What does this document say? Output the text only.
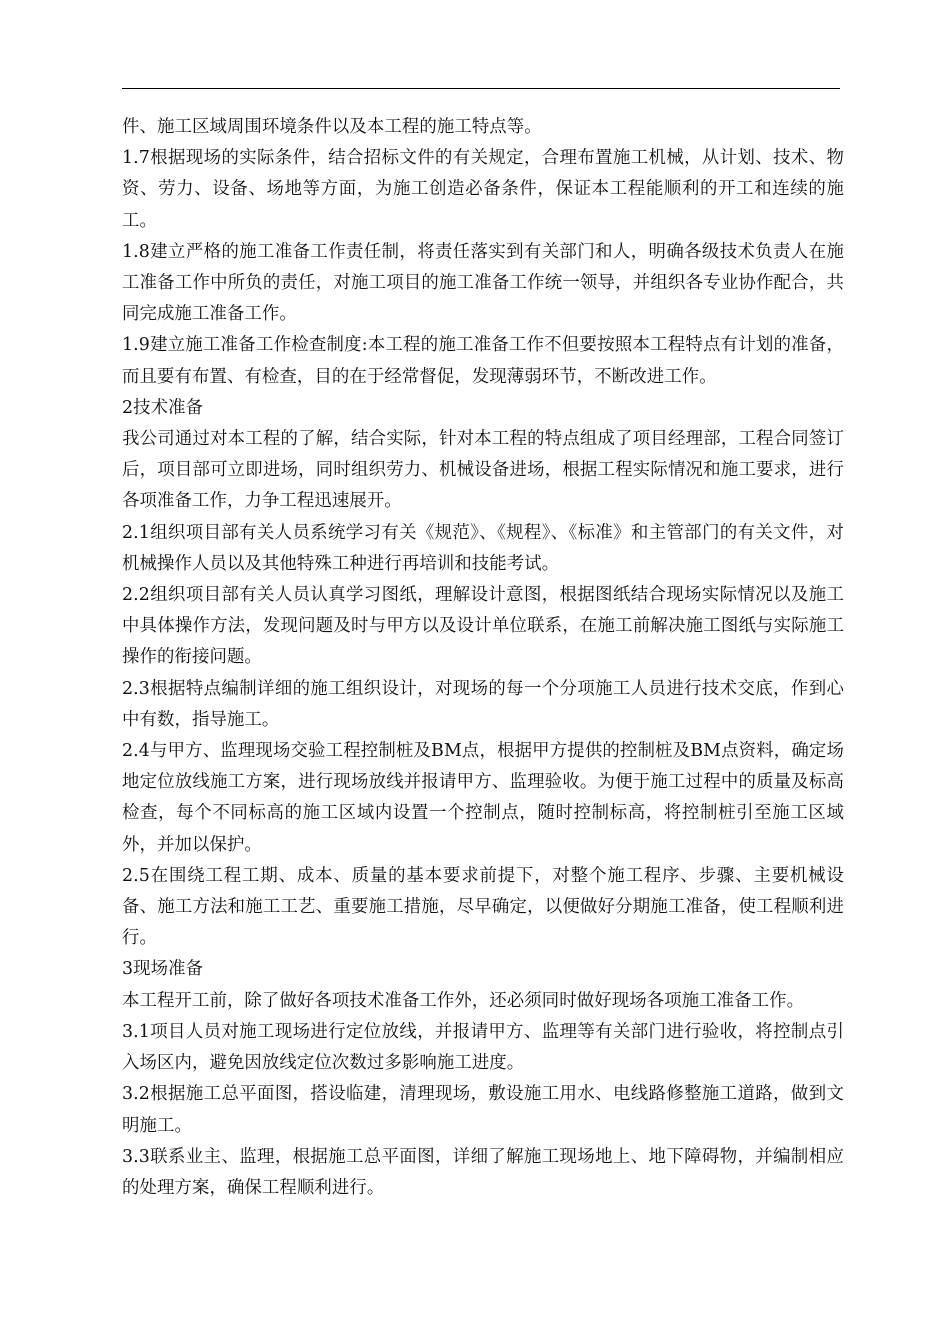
件、施工区域周围环境条件以及本工程的施工特点等。

1.7根据现场的实际条件，结合招标文件的有关规定，合理布置施工机械，从计划、技术、物资、劳力、设备、场地等方面，为施工创造必备条件，保证本工程能顺利的开工和连续的施工。

1.8建立严格的施工准备工作责任制，将责任落实到有关部门和人，明确各级技术负责人在施工准备工作中所负的责任，对施工项目的施工准备工作统一领导，并组织各专业协作配合，共同完成施工准备工作。

1.9建立施工准备工作检查制度:本工程的施工准备工作不但要按照本工程特点有计划的准备，而且要有布置、有检查，目的在于经常督促，发现薄弱环节，不断改进工作。

2技术准备

我公司通过对本工程的了解，结合实际，针对本工程的特点组成了项目经理部，工程合同签订后，项目部可立即进场，同时组织劳力、机械设备进场，根据工程实际情况和施工要求，进行各项准备工作，力争工程迅速展开。

2.1组织项目部有关人员系统学习有关《规范》、《规程》、《标准》和主管部门的有关文件，对机械操作人员以及其他特殊工种进行再培训和技能考试。

2.2组织项目部有关人员认真学习图纸，理解设计意图，根据图纸结合现场实际情况以及施工中具体操作方法，发现问题及时与甲方以及设计单位联系，在施工前解决施工图纸与实际施工操作的衔接问题。

2.3根据特点编制详细的施工组织设计，对现场的每一个分项施工人员进行技术交底，作到心中有数，指导施工。

2.4与甲方、监理现场交验工程控制桩及BM点，根据甲方提供的控制桩及BM点资料，确定场地定位放线施工方案，进行现场放线并报请甲方、监理验收。为便于施工过程中的质量及标高检查，每个不同标高的施工区域内设置一个控制点，随时控制标高，将控制桩引至施工区域外，并加以保护。

2.5在围绕工程工期、成本、质量的基本要求前提下，对整个施工程序、步骤、主要机械设备、施工方法和施工工艺、重要施工措施，尽早确定，以便做好分期施工准备，使工程顺利进行。

3现场准备

本工程开工前，除了做好各项技术准备工作外，还必须同时做好现场各项施工准备工作。

3.1项目人员对施工现场进行定位放线，并报请甲方、监理等有关部门进行验收，将控制点引入场区内，避免因放线定位次数过多影响施工进度。

3.2根据施工总平面图，搭设临建，清理现场，敷设施工用水、电线路修整施工道路，做到文明施工。

3.3联系业主、监理，根据施工总平面图，详细了解施工现场地上、地下障碍物，并编制相应的处理方案，确保工程顺利进行。
